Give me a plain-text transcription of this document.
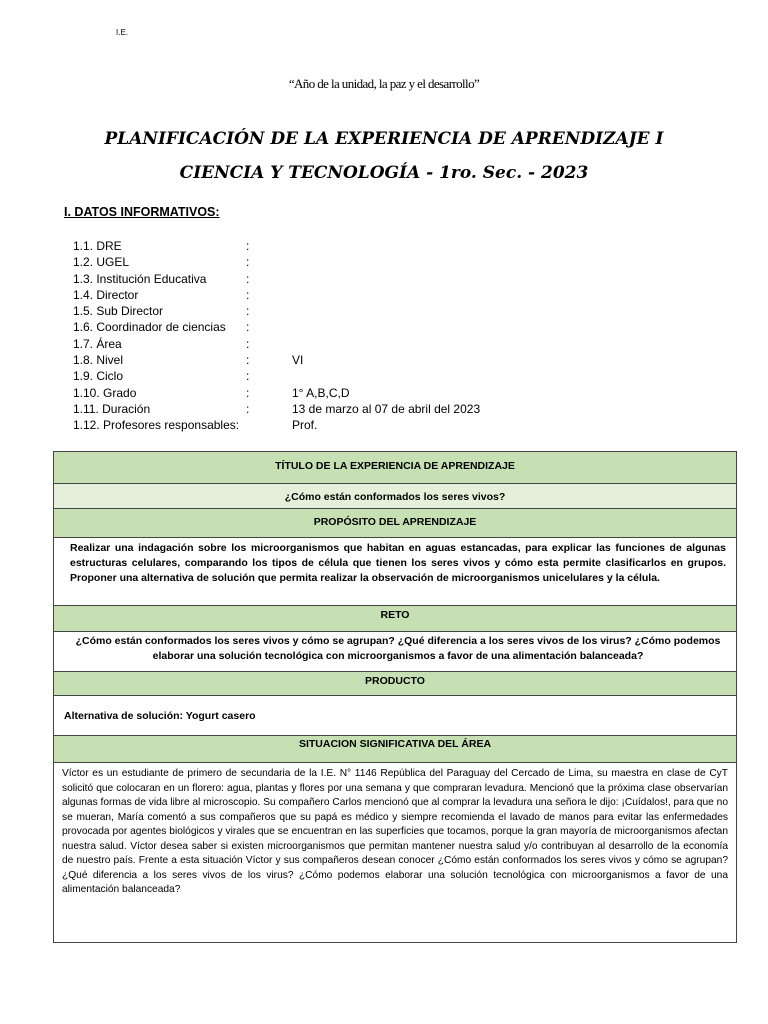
I.E.
“Año de la unidad, la paz y el desarrollo”
PLANIFICACIÓN DE LA EXPERIENCIA DE APRENDIZAJE I
CIENCIA Y TECNOLOGÍA - 1ro. Sec. - 2023
I. DATOS INFORMATIVOS:
1.1. DRE	:
1.2. UGEL	:
1.3. Institución Educativa	:
1.4. Director	:
1.5. Sub Director	:
1.6. Coordinador de ciencias :
1.7. Área	:
1.8. Nivel	:	VI
1.9. Ciclo	:
1.10. Grado	:	1° A,B,C,D
1.11. Duración	:	13 de marzo al 07 de abril del 2023
1.12. Profesores responsables:	Prof.
TÍTULO DE LA EXPERIENCIA DE APRENDIZAJE
¿Cómo están conformados los seres vivos?
PROPÓSITO DEL APRENDIZAJE
Realizar una indagación sobre los microorganismos que habitan en aguas estancadas, para explicar las funciones de algunas estructuras celulares, comparando los tipos de célula que tienen los seres vivos y cómo esta permite clasificarlos en grupos. Proponer una alternativa de solución que permita realizar la observación de microorganismos unicelulares y la célula.
RETO
¿Cómo están conformados los seres vivos y cómo se agrupan? ¿Qué diferencia a los seres vivos de los virus? ¿Cómo podemos elaborar una solución tecnológica con microorganismos a favor de una alimentación balanceada?
PRODUCTO
Alternativa de solución: Yogurt casero
SITUACION SIGNIFICATIVA DEL ÁREA
Víctor es un estudiante de primero de secundaria de la I.E. N° 1146 República del Paraguay del Cercado de Lima, su maestra en clase de CyT solicitó que colocaran en un florero: agua, plantas y flores por una semana y que compraran levadura. Mencionó que la próxima clase observarían algunas formas de vida libre al microscopio. Su compañero Carlos mencionó que al comprar la levadura una señora le dijo: ¡Cuídalos!, para que no se mueran, María comentó a sus compañeros que su papá es médico y siempre recomienda el lavado de manos para evitar las enfermedades provocada por agentes biológicos y virales que se encuentran en las superficies que tocamos, porque la gran mayoría de microorganismos afectan nuestra salud. Víctor desea saber si existen microorganismos que permitan mantener nuestra salud y/o contribuyan al desarrollo de la economía de nuestro país. Frente a esta situación Víctor y sus compañeros desean conocer ¿Cómo están conformados los seres vivos y cómo se agrupan? ¿Qué diferencia a los seres vivos de los virus? ¿Cómo podemos elaborar una solución tecnológica con microorganismos a favor de una alimentación balanceada?
